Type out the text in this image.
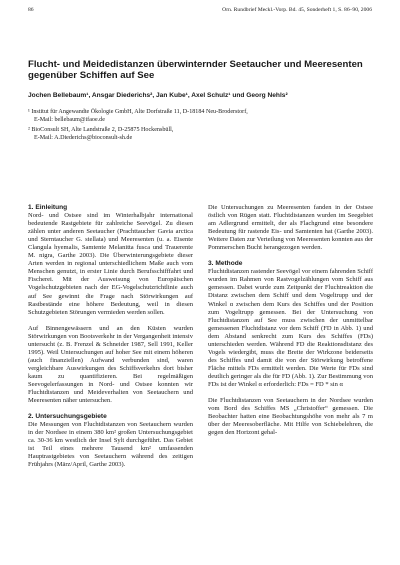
86	Orn. Rundbrief Meckl.-Vorp. Bd. 45, Sonderheft 1, S. 86–90, 2006
Flucht- und Meidedistanzen überwinternder Seetaucher und Meeresenten gegenüber Schiffen auf See
Jochen Bellebaum¹, Ansgar Diederichs², Jan Kube¹, Axel Schulz¹ und Georg Nehls²
¹ Institut für Angewandte Ökologie GmbH, Alte Dorfstraße 11, D-18184 Neu-Broderstorf,
E-Mail: bellebaum@ifaoe.de
² BioConsult SH, Alte Landstraße 2, D-25875 Hockensbüll,
E-Mail: A.Diederichs@bioconsult-sh.de
1. Einleitung

Nord- und Ostsee sind im Winterhalbjahr international bedeutende Rastgebiete für zahlreiche Seevögel. Zu diesen zählen unter anderen Seetaucher (Prachttaucher Gavia arctica und Sterntaucher G. stellata) und Meeresenten (u. a. Eisente Clangula hyemalis, Samtente Melanitta fusca und Trauerente M. nigra, Garthe 2003). Die Überwinterungsgebiete dieser Arten werden in regional unterschiedlichem Maße auch vom Menschen genutzt, in erster Linie durch Berufsschifffahrt und Fischerei. Mit der Ausweisung von Europäischen Vogelschutzgebieten nach der EG-Vogelschutzrichtlinie auch auf See gewinnt die Frage nach Störwirkungen auf Rastbestände eine höhere Bedeutung, weil in diesen Schutzgebieten Störungen vermieden werden sollen.

Auf Binnengewässern und an den Küsten wurden Störwirkungen von Bootsverkehr in der Vergangenheit intensiv untersucht (z. B. Frenzel & Schneider 1987, Sell 1991, Keller 1995). Weil Untersuchungen auf hoher See mit einem höheren (auch finanziellen) Aufwand verbunden sind, waren vergleichbare Auswirkungen des Schiffsverkehrs dort bisher kaum zu quantifizieren. Bei regelmäßigen Seevogelerfassungen in Nord- und Ostsee konnten wir Fluchtdistanzen und Meideverhalten von Seetauchern und Meeresenten näher untersuchen.

2. Untersuchungsgebiete

Die Messungen von Fluchtdistanzen von Seetauchern wurden in der Nordsee in einem 380 km² großen Untersuchungsgebiet ca. 30-36 km westlich der Insel Sylt durchgeführt. Das Gebiet ist Teil eines mehrere Tausend km² umfassenden Hauptrastgebietes von Seetauchern während des zeitigen Frühjahrs (März/April, Garthe 2003).

Die Untersuchungen zu Meeresenten fanden in der Ostsee östlich von Rügen statt. Fluchtdistanzen wurden im Seegebiet am Adlergrund ermittelt, der als Flachgrund eine besondere Bedeutung für rastende Eis- und Samtenten hat (Garthe 2003). Weitere Daten zur Verteilung von Meeresenten konnten aus der Pommerschen Bucht herangezogen werden.

3. Methode

Fluchtdistanzen rastender Seevögel vor einem fahrenden Schiff wurden im Rahmen von Rastvogelzählungen vom Schiff aus gemessen. Dabei wurde zum Zeitpunkt der Fluchtreaktion die Distanz zwischen dem Schiff und dem Vogeltrupp und der Winkel α zwischen dem Kurs des Schiffes und der Position zum Vogeltrupp gemessen. Bei der Untersuchung von Fluchtdistanzen auf See muss zwischen der unmittelbar gemessenen Fluchtdistanz vor dem Schiff (FD in Abb. 1) und dem Abstand senkrecht zum Kurs des Schiffes (FDs) unterschieden werden. Während FD die Reaktionsdistanz des Vogels wiedergibt, muss die Breite der Wirkzone beiderseits des Schiffes und damit die von der Störwirkung betroffene Fläche mittels FDs ermittelt werden. Die Werte für FDs sind deutlich geringer als die für FD (Abb. 1). Zur Bestimmung von FDs ist der Winkel α erforderlich: FDs = FD * sin α

Die Fluchtdistanzen von Seetauchern in der Nordsee wurden vom Bord des Schiffes MS „Christoffer“ gemessen. Die Beobachter hatten eine Beobachtungshöhe von mehr als 7 m über der Meeresoberfläche. Mit Hilfe von Schiebelehren, die gegen den Horizont gehal-
